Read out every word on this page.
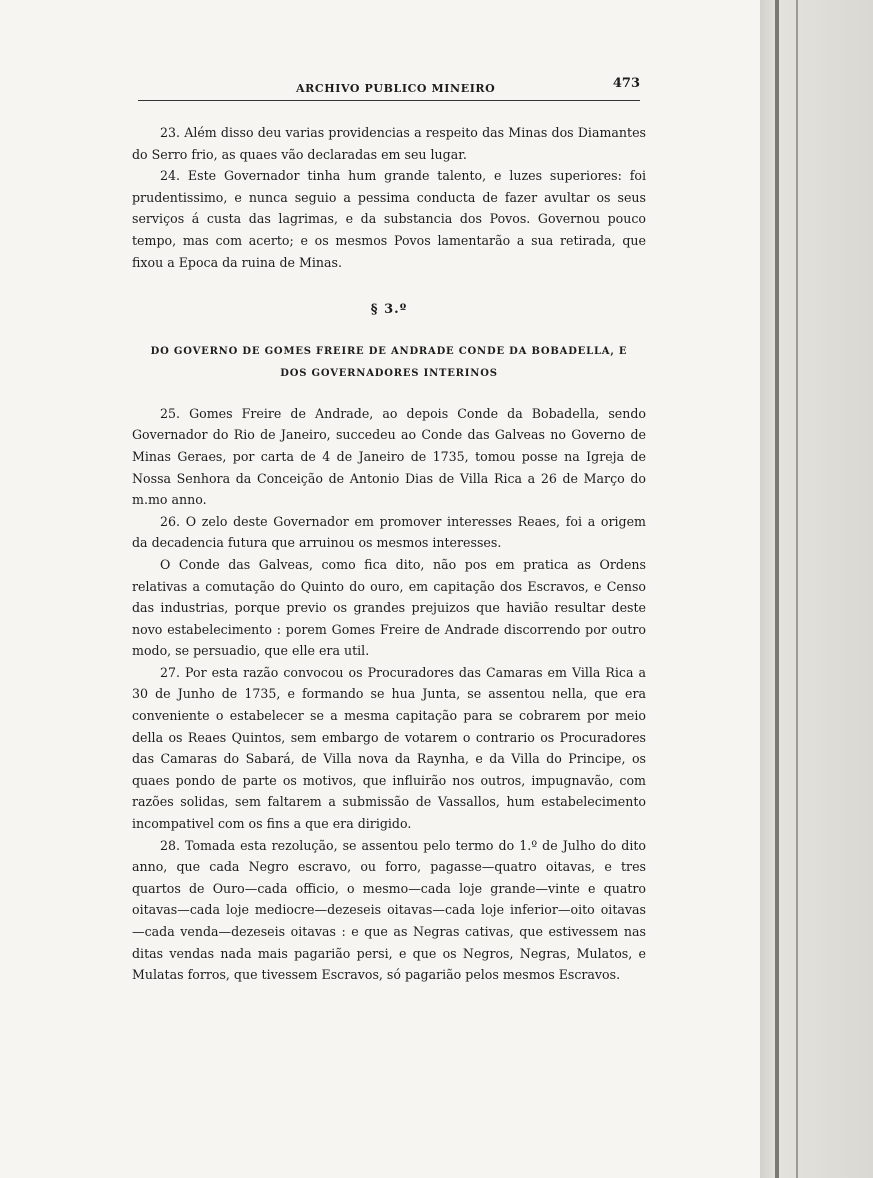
ARCHIVO PUBLICO MINEIRO	473

23. Além disso deu varias providencias a respeito das Minas dos Diamantes do Serro frio, as quaes vão declaradas em seu lugar.

24. Este Governador tinha hum grande talento, e luzes superiores: foi prudentissimo, e nunca seguio a pessima conducta de fazer avultar os seus serviços á custa das lagrimas, e da substancia dos Povos. Governou pouco tempo, mas com acerto; e os mesmos Povos lamentarão a sua retirada, que fixou a Epoca da ruina de Minas.

§ 3.º
DO GOVERNO DE GOMES FREIRE DE ANDRADE CONDE DA BOBADELLA, E
DOS GOVERNADORES INTERINOS

25. Gomes Freire de Andrade, ao depois Conde da Bobadella, sendo Governador do Rio de Janeiro, succedeu ao Conde das Galveas no Governo de Minas Geraes, por carta de 4 de Janeiro de 1735, tomou posse na Igreja de Nossa Senhora da Conceição de Antonio Dias de Villa Rica a 26 de Março do m.mo anno.

26. O zelo deste Governador em promover interesses Reaes, foi a origem da decadencia futura que arruinou os mesmos interesses.

O Conde das Galveas, como fica dito, não pos em pratica as Ordens relativas a comutação do Quinto do ouro, em capitação dos Escravos, e Censo das industrias, porque previo os grandes prejuizos que havião resultar deste novo estabelecimento : porem Gomes Freire de Andrade discorrendo por outro modo, se persuadio, que elle era util.

27. Por esta razão convocou os Procuradores das Camaras em Villa Rica a 30 de Junho de 1735, e formando se hua Junta, se assentou nella, que era conveniente o estabelecer se a mesma capitação para se cobrarem por meio della os Reaes Quintos, sem embargo de votarem o contrario os Procuradores das Camaras do Sabará, de Villa nova da Raynha, e da Villa do Principe, os quaes pondo de parte os motivos, que influirão nos outros, impugnavão, com razões solidas, sem faltarem a submissão de Vassallos, hum estabelecimento incompativel com os fins a que era dirigido.

28. Tomada esta rezolução, se assentou pelo termo do 1.º de Julho do dito anno, que cada Negro escravo, ou forro, pagasse—quatro oitavas, e tres quartos de Ouro—cada officio, o mesmo—cada loje grande—vinte e quatro oitavas—cada loje mediocre—dezeseis oitavas—cada loje inferior—oito oitavas—cada venda—dezeseis oitavas : e que as Negras cativas, que estivessem nas ditas vendas nada mais pagarião persi, e que os Negros, Negras, Mulatos, e Mulatas forros, que tivessem Escravos, só pagarião pelos mesmos Escravos.
